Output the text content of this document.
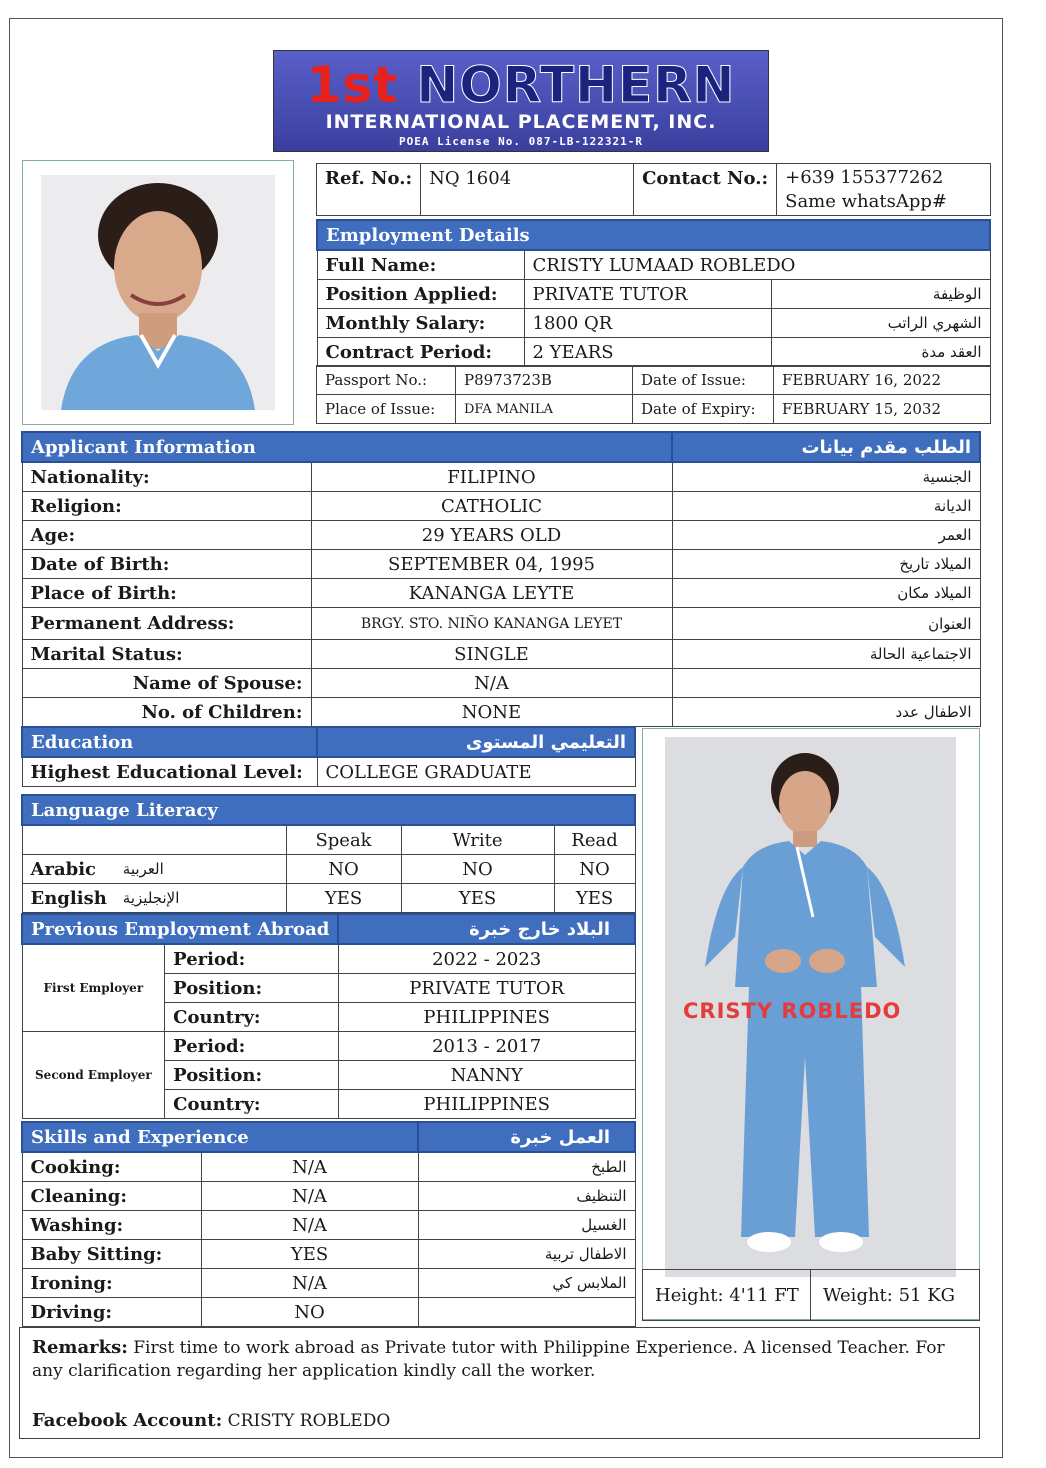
1st NORTHERN
INTERNATIONAL PLACEMENT, INC.
POEA License No. 087-LB-122321-R
Ref. No.:	NQ 1604	Contact No.:	+639 155377262
Same whatsApp#
Employment Details		
Full Name:	CRISTY LUMAAD ROBLEDO	
Position Applied:	PRIVATE TUTOR	الوظيفة
Monthly Salary:	1800 QR	الشهري الراتب
Contract Period:	2 YEARS	العقد مدة
Passport No.:	P8973723B	Date of Issue:	FEBRUARY 16, 2022
Place of Issue:	DFA MANILA	Date of Expiry:	FEBRUARY 15, 2032
Applicant Information		الطلب مقدم بيانات
Nationality:	FILIPINO	الجنسية
Religion:	CATHOLIC	الديانة
Age:	29 YEARS OLD	العمر
Date of Birth:	SEPTEMBER 04, 1995	الميلاد تاريخ
Place of Birth:	KANANGA LEYTE	الميلاد مكان
Permanent Address:	BRGY. STO. NIÑO KANANGA LEYET	العنوان
Marital Status:	SINGLE	الاجتماعية الحالة
Name of Spouse:	N/A	
No. of Children:	NONE	الاطفال عدد
Education	التعليمي المستوى
Highest Educational Level:	COLLEGE GRADUATE
Language Literacy				
		Speak	Write	Read
Arabic	العربية	NO	NO	NO
English	الإنجليزية	YES	YES	YES
Previous Employment Abroad		البلاد خارج خبرة
First Employer	Period:	2022 - 2023
	Position:	PRIVATE TUTOR
	Country:	PHILIPPINES
Second Employer	Period:	2013 - 2017
	Position:	NANNY
	Country:	PHILIPPINES
Skills and Experience		العمل خبرة
Cooking:	N/A	الطبخ
Cleaning:	N/A	التنظيف
Washing:	N/A	الغسيل
Baby Sitting:	YES	الاطفال تربية
Ironing:	N/A	الملابس كي
Driving:	NO	
CRISTY ROBLEDO
Height: 4'11 FT	Weight: 51 KG
Remarks: First time to work abroad as Private tutor with Philippine Experience. A licensed Teacher. For any clarification regarding her application kindly call the worker.
Facebook Account: CRISTY ROBLEDO
